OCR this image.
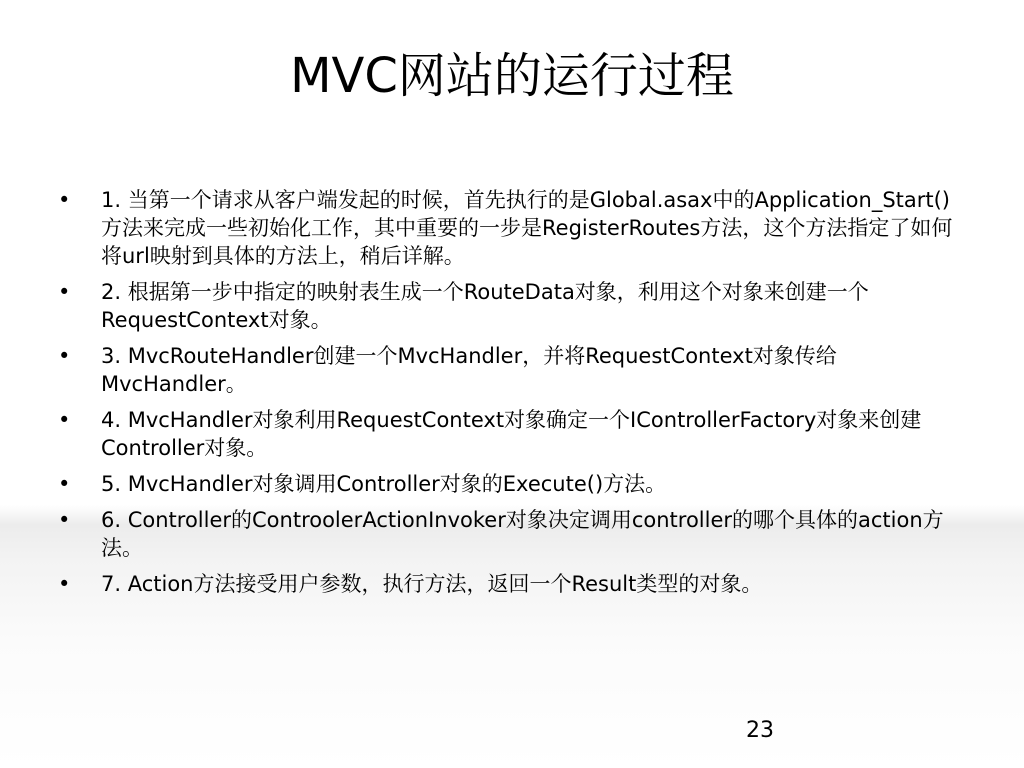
MVC网站的运行过程
•	1. 当第一个请求从客户端发起的时候，首先执行的是Global.asax中的Application_Start()方法来完成一些初始化工作，其中重要的一步是RegisterRoutes方法，这个方法指定了如何将url映射到具体的方法上，稍后详解。
•	2. 根据第一步中指定的映射表生成一个RouteData对象，利用这个对象来创建一个RequestContext对象。
•	3. MvcRouteHandler创建一个MvcHandler，并将RequestContext对象传给MvcHandler。
•	4. MvcHandler对象利用RequestContext对象确定一个IControllerFactory对象来创建Controller对象。
•	5. MvcHandler对象调用Controller对象的Execute()方法。
•	6. Controller的ControolerActionInvoker对象决定调用controller的哪个具体的action方法。
•	7. Action方法接受用户参数，执行方法，返回一个Result类型的对象。
23
